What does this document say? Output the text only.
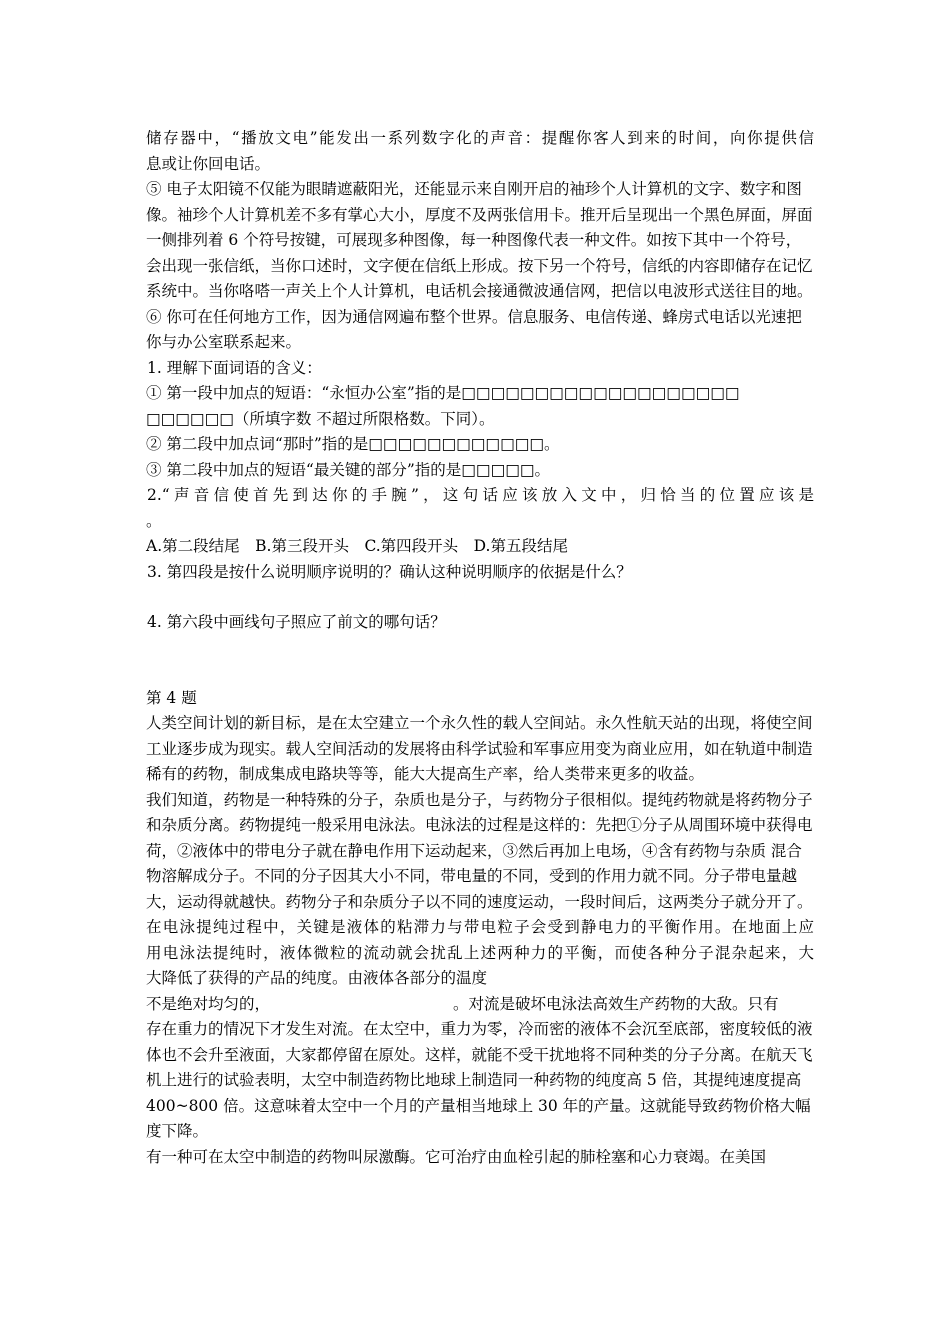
储存器中，“播放文电”能发出一系列数字化的声音：提醒你客人到来的时间，向你提供信

息或让你回电话。

⑤ 电子太阳镜不仅能为眼睛遮蔽阳光，还能显示来自刚开启的袖珍个人计算机的文字、数字和图像。袖珍个人计算机差不多有掌心大小，厚度不及两张信用卡。推开后呈现出一个黑色屏面，屏面一侧排列着 6 个符号按键，可展现多种图像，每一种图像代表一种文件。如按下其中一个符号，会出现一张信纸，当你口述时，文字便在信纸上形成。按下另一个符号，信纸的内容即储存在记忆系统中。当你咯嗒一声关上个人计算机，电话机会接通微波通信网，把信以电波形式送往目的地。

⑥ 你可在任何地方工作，因为通信网遍布整个世界。信息服务、电信传递、蜂房式电话以光速把你与办公室联系起来。

1. 理解下面词语的含义：

① 第一段中加点的短语：“永恒办公室”指的是□□□□□□□□□□□□□□□□□□□

□□□□□□（所填字数 不超过所限格数。下同）。

② 第二段中加点词“那时”指的是□□□□□□□□□□□□。

③ 第二段中加点的短语“最关键的部分”指的是□□□□□。

2.“声音信使首先到达你的手腕”，这句话应该放入文中，归恰当的位置应该是

。

A.第二段结尾　B.第三段开头　C.第四段开头　D.第五段结尾

3. 第四段是按什么说明顺序说明的？确认这种说明顺序的依据是什么？

4. 第六段中画线句子照应了前文的哪句话？

第 4 题

人类空间计划的新目标，是在太空建立一个永久性的载人空间站。永久性航天站的出现，将使空间工业逐步成为现实。载人空间活动的发展将由科学试验和军事应用变为商业应用，如在轨道中制造稀有的药物，制成集成电路块等等，能大大提高生产率，给人类带来更多的收益。

我们知道，药物是一种特殊的分子，杂质也是分子，与药物分子很相似。提纯药物就是将药物分子和杂质分离。药物提纯一般采用电泳法。电泳法的过程是这样的：先把①分子从周围环境中获得电荷，②液体中的带电分子就在静电作用下运动起来，③然后再加上电场，④含有药物与杂质 混合物溶解成分子。不同的分子因其大小不同，带电量的不同，受到的作用力就不同。分子带电量越大，运动得就越快。药物分子和杂质分子以不同的速度运动，一段时间后，这两类分子就分开了。

在电泳提纯过程中，关键是液体的粘滞力与带电粒子会受到静电力的平衡作用。在地面上应

用电泳法提纯时，液体微粒的流动就会扰乱上述两种力的平衡，而使各种分子混杂起来，大

大降低了获得的产品的纯度。由液体各部分的温度

不是绝对均匀的，	。对流是破坏电泳法高效生产药物的大敌。只有

存在重力的情况下才发生对流。在太空中，重力为零，冷而密的液体不会沉至底部，密度较低的液体也不会升至液面，大家都停留在原处。这样，就能不受干扰地将不同种类的分子分离。在航天飞机上进行的试验表明，太空中制造药物比地球上制造同一种药物的纯度高 5 倍，其提纯速度提高 400~800 倍。这意味着太空中一个月的产量相当地球上 30 年的产量。这就能导致药物价格大幅度下降。

有一种可在太空中制造的药物叫尿激酶。它可治疗由血栓引起的肺栓塞和心力衰竭。在美国
